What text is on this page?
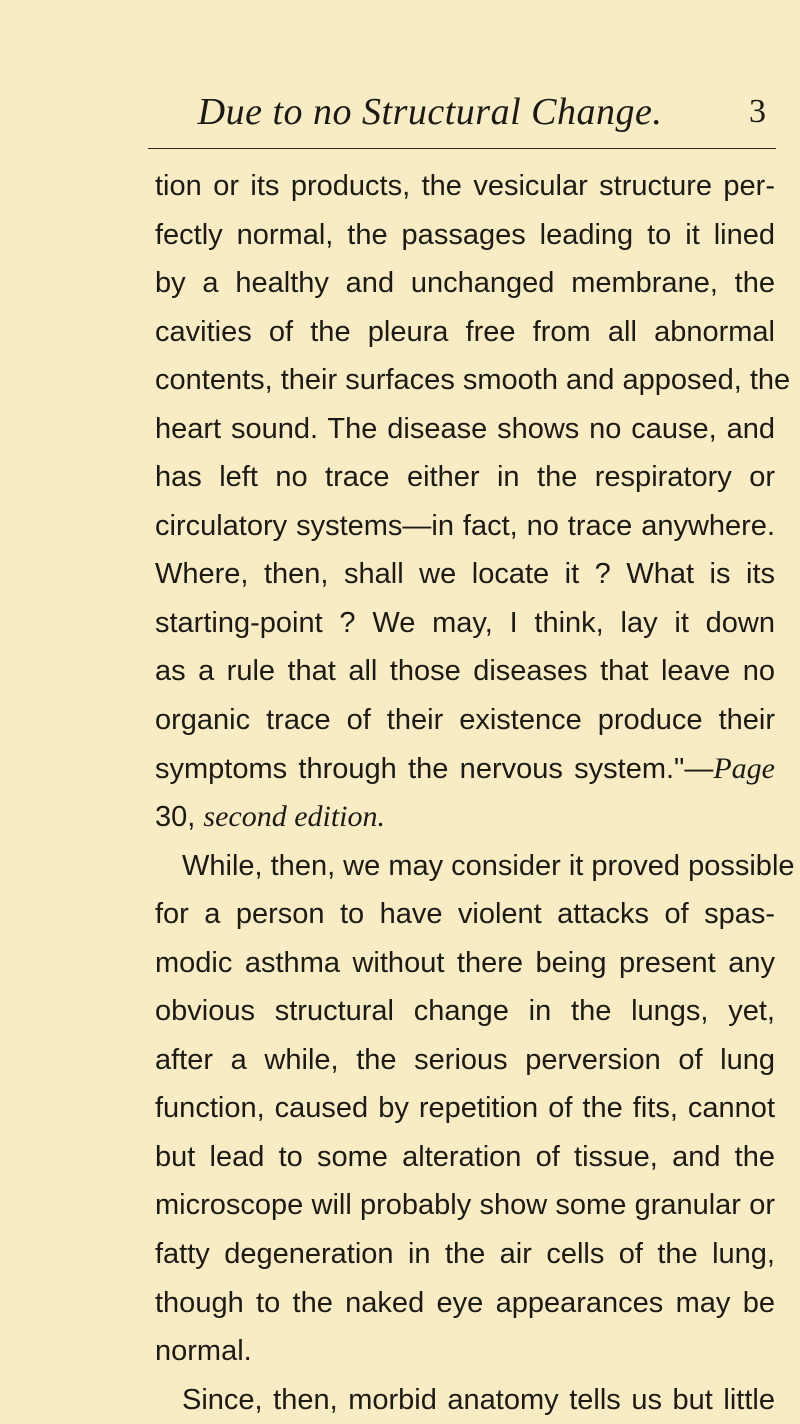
Due to no Structural Change.	3
tion or its products, the vesicular structure per-
fectly normal, the passages leading to it lined
by a healthy and unchanged membrane, the
cavities of the pleura free from all abnormal
contents, their surfaces smooth and apposed, the
heart sound. The disease shows no cause, and
has left no trace either in the respiratory or
circulatory systems—in fact, no trace anywhere.
Where, then, shall we locate it ? What is its
starting-point ? We may, I think, lay it down
as a rule that all those diseases that leave no
organic trace of their existence produce their
symptoms through the nervous system."—Page
30, second edition.
While, then, we may consider it proved possible
for a person to have violent attacks of spas-
modic asthma without there being present any
obvious structural change in the lungs, yet,
after a while, the serious perversion of lung
function, caused by repetition of the fits, cannot
but lead to some alteration of tissue, and the
microscope will probably show some granular or
fatty degeneration in the air cells of the lung,
though to the naked eye appearances may be
normal.
Since, then, morbid anatomy tells us but little
